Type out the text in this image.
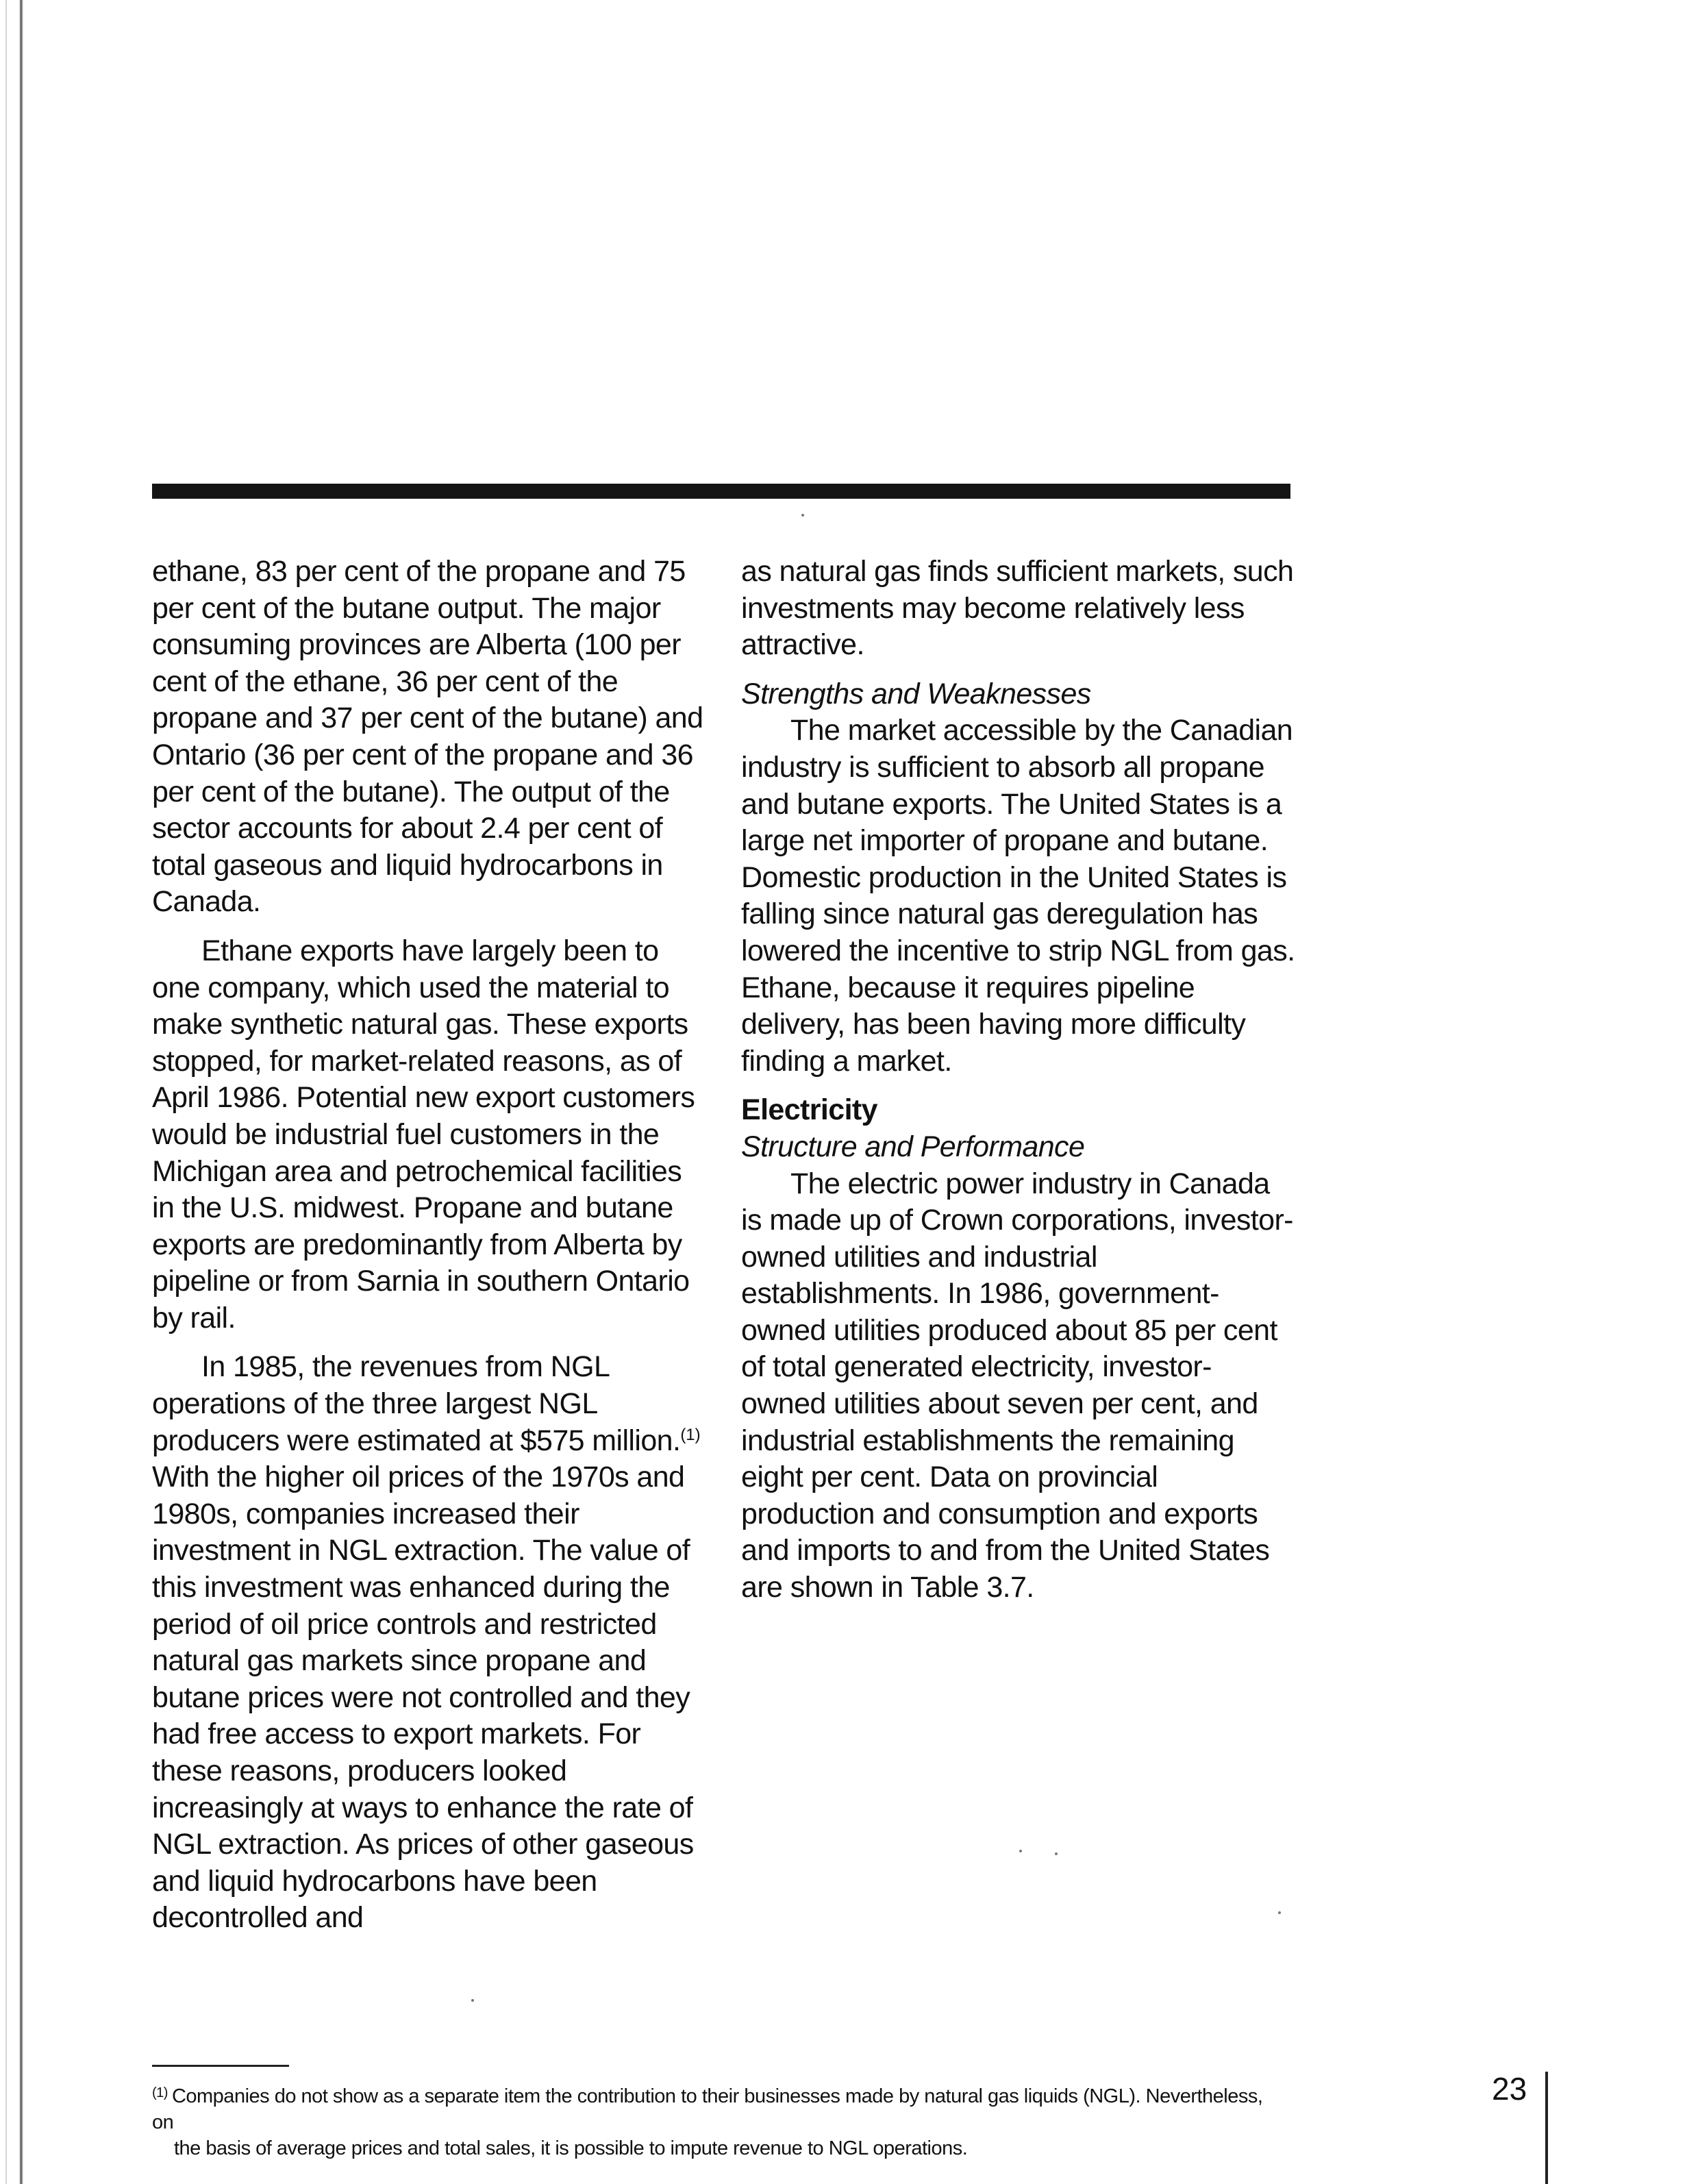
ethane, 83 per cent of the propane and 75 per cent of the butane output. The major consuming provinces are Alberta (100 per cent of the ethane, 36 per cent of the propane and 37 per cent of the butane) and Ontario (36 per cent of the propane and 36 per cent of the butane). The output of the sector accounts for about 2.4 per cent of total gaseous and liquid hydrocarbons in Canada.

Ethane exports have largely been to one company, which used the material to make synthetic natural gas. These exports stopped, for market-related reasons, as of April 1986. Potential new export customers would be industrial fuel customers in the Michigan area and petrochemical facilities in the U.S. midwest. Propane and butane exports are predominantly from Alberta by pipeline or from Sarnia in southern Ontario by rail.

In 1985, the revenues from NGL operations of the three largest NGL producers were estimated at $575 million.$^{(1)}$ With the higher oil prices of the 1970s and 1980s, companies increased their investment in NGL extraction. The value of this investment was enhanced during the period of oil price controls and restricted natural gas markets since propane and butane prices were not controlled and they had free access to export markets. For these reasons, producers looked increasingly at ways to enhance the rate of NGL extraction. As prices of other gaseous and liquid hydrocarbons have been decontrolled and

as natural gas finds sufficient markets, such investments may become relatively less attractive.

Strengths and Weaknesses

The market accessible by the Canadian industry is sufficient to absorb all propane and butane exports. The United States is a large net importer of propane and butane. Domestic production in the United States is falling since natural gas deregulation has lowered the incentive to strip NGL from gas. Ethane, because it requires pipeline delivery, has been having more difficulty finding a market.

Electricity

Structure and Performance

The electric power industry in Canada is made up of Crown corporations, investor-owned utilities and industrial establishments. In 1986, government-owned utilities produced about 85 per cent of total generated electricity, investor-owned utilities about seven per cent, and industrial establishments the remaining eight per cent. Data on provincial production and consumption and exports and imports to and from the United States are shown in Table 3.7.

$^{(1)}$ Companies do not show as a separate item the contribution to their businesses made by natural gas liquids (NGL). Nevertheless, on
the basis of average prices and total sales, it is possible to impute revenue to NGL operations.
23
